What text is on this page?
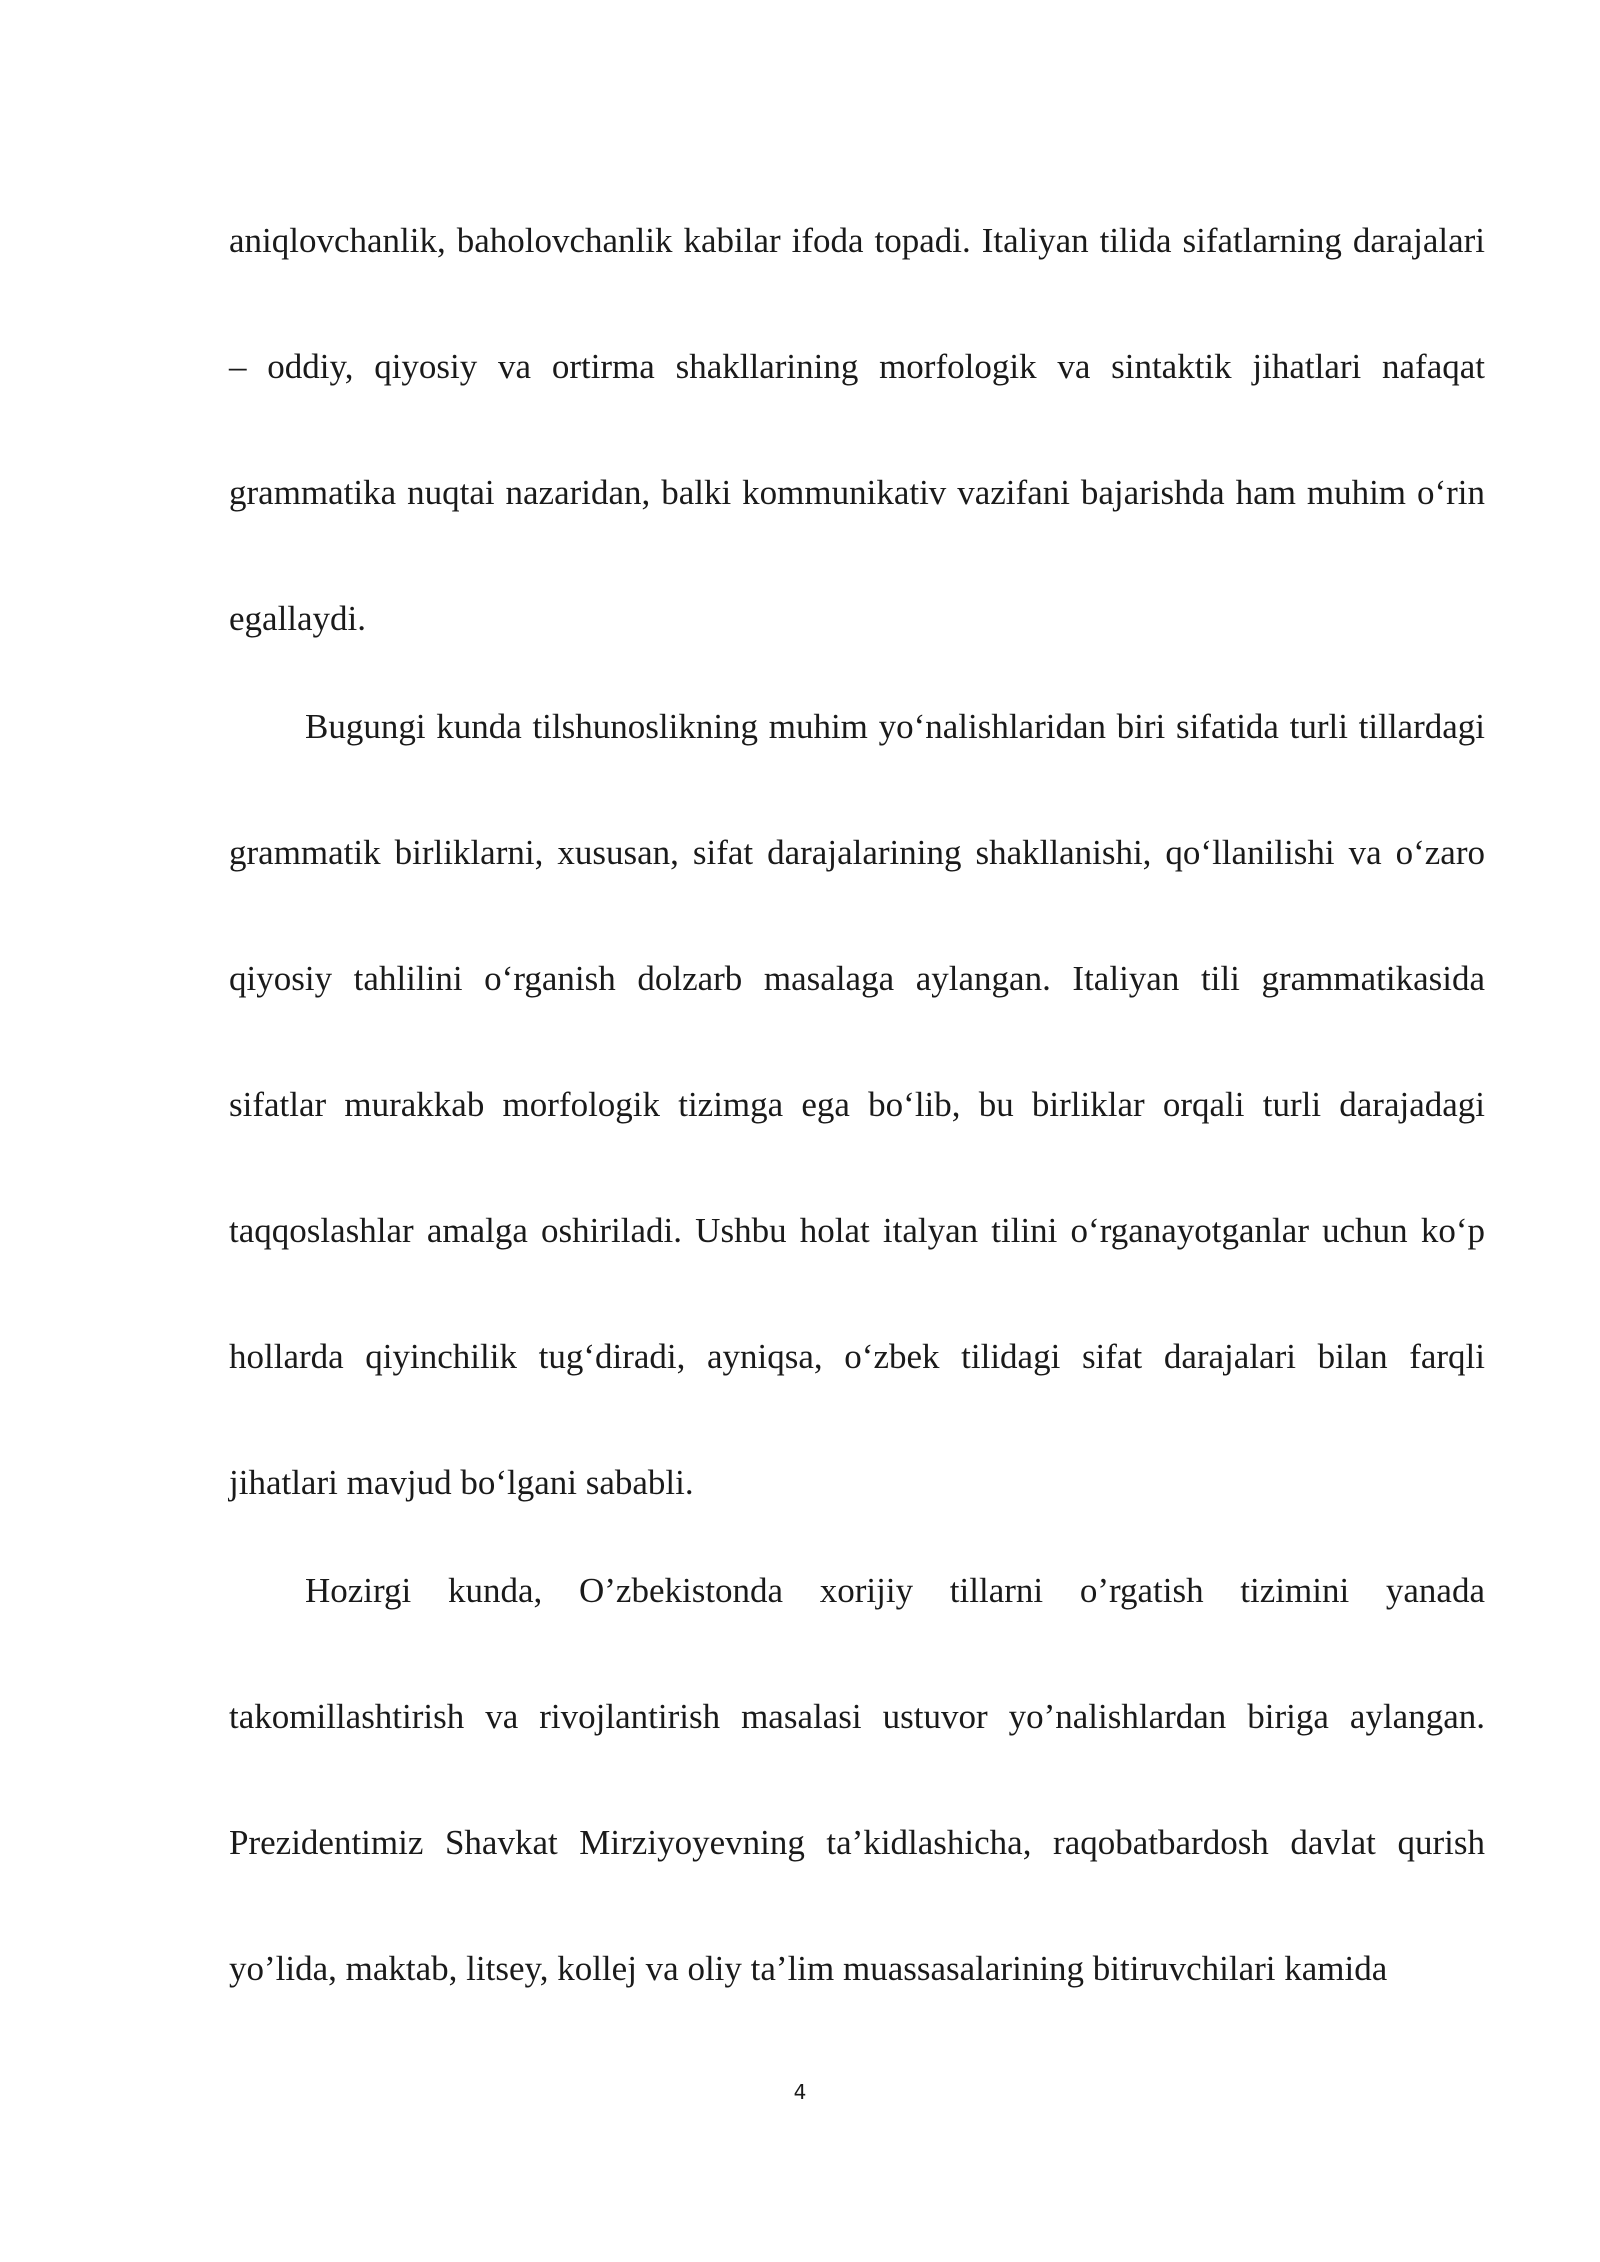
aniqlovchanlik, baholovchanlik kabilar ifoda topadi. Italiyan tilida sifatlarning darajalari – oddiy, qiyosiy va ortirma shakllarining morfologik va sintaktik jihatlari nafaqat grammatika nuqtai nazaridan, balki kommunikativ vazifani bajarishda ham muhim o‘rin egallaydi.

Bugungi kunda tilshunoslikning muhim yo‘nalishlaridan biri sifatida turli tillardagi grammatik birliklarni, xususan, sifat darajalarining shakllanishi, qo‘llanilishi va o‘zaro qiyosiy tahlilini o‘rganish dolzarb masalaga aylangan. Italiyan tili grammatikasida sifatlar murakkab morfologik tizimga ega bo‘lib, bu birliklar orqali turli darajadagi taqqoslashlar amalga oshiriladi. Ushbu holat italyan tilini o‘rganayotganlar uchun ko‘p hollarda qiyinchilik tug‘diradi, ayniqsa, o‘zbek tilidagi sifat darajalari bilan farqli jihatlari mavjud bo‘lgani sababli.

Hozirgi kunda, O’zbekistonda xorijiy tillarni o’rgatish tizimini yanada takomillashtirish va rivojlantirish masalasi ustuvor yo’nalishlardan biriga aylangan. Prezidentimiz Shavkat Mirziyoyevning ta’kidlashicha, raqobatbardosh davlat qurish yo’lida, maktab, litsey, kollej va oliy ta’lim muassasalarining bitiruvchilari kamida

4
